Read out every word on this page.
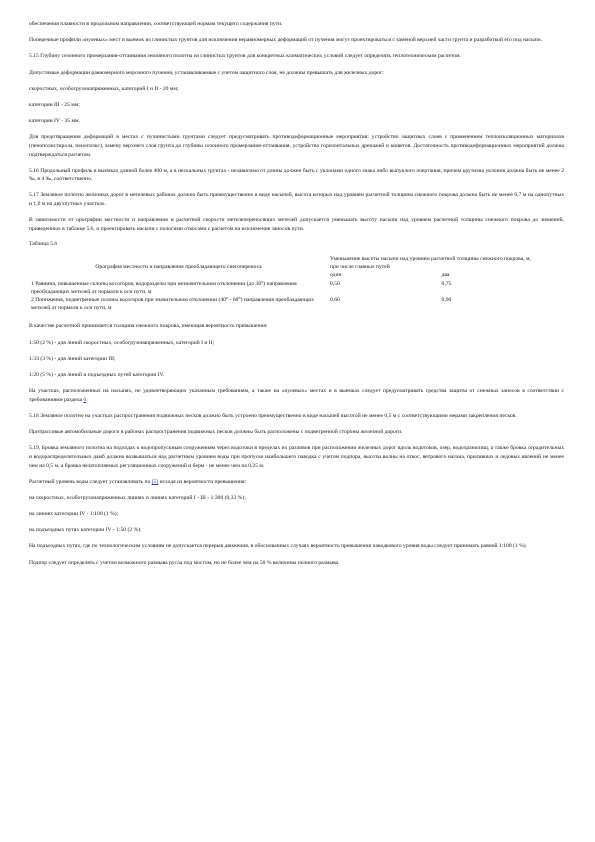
обеспечения плавности в продольном направлении, соответствующей нормам текущего содержания пути.

Поперечные профили «нулевых» мест и выемок из глинистых грунтов для исключения неравномерных деформаций от пучения могут проектироваться с заменой верхней части грунта и разработкой его под насыпи.

5.15 Глубину сезонного промерзания-оттаивания земляного полотна из глинистых грунтов для конкретных климатических условий следует определять теплотехническим расчетом.

Допустимые деформации равномерного морозного пучения, устанавливаемые с учетом защитного слоя, не должны превышать для железных дорог:

скоростных, особогрузонапряженных, категорий I и II - 20 мм;

категории III - 25 мм;

категории IV - 35 мм.

Для предотвращения деформаций в местах с пучинистыми грунтами следует предусматривать противодеформационные мероприятия: устройство защитных слоев с применением теплоизоляционных материалов (пенополистирола, пеноплэкс), замену верхнего слоя грунта до глубины сезонного промерзания-оттаивания, устройство горизонтальных дренажей и кюветов. Достаточность противодеформационных мероприятий должна подтверждаться расчетом.

5.16 Продольный профиль в выемках длиной более 400 м, а в нескальных грунтах - независимо от длины должен быть с уклонами одного знака либо выпуклого очертания, причем крутизна уклонов должна быть не менее 2 ‰, в 4 ‰, соответственно.

5.17 Земляное полотно железных дорог в метелевых районах должно быть преимущественно в виде насыпей, высота которых над уровнем расчетной толщины снежного покрова должна быть не менее 0,7 м на однопутных и 1,0 м на двухпутных участках.

В зависимости от орографии местности и направления и расчетной скорости метелепереносящих метелей допускается уменьшать высоту насыпи над уровнем расчетной толщины снежного покрова до значений, приведенных в таблице 5.6, и проектировать насыпи с пологими откосами с расчетом на исключение заносов пути.

Таблица 5.6

Орография местности и направление преобладающего снегопереноса	Уменьшение высоты насыпи над уровнем расчетной толщины снежного покрова, м, при числе главных путей	
	один	два
1 Равнина, повышенные склоны косогоров, водоразделы при незначительном отклонении (до 30°) направления преобладающих метелей от нормали к оси пути, м	0,50	0,75
2 Понижения, подветренные склоны косогоров при значительном отклонении (40° - 60°) направления преобладающих метелей от нормали к оси пути, м	0,60	0,90

В качестве расчетной принимается толщина снежного покрова, имеющая вероятность превышения:

1:50 (2 %) - для линий скоростных, особогрузонапряженных, категорий I и II;

1:33 (3 %) - для линий категории III;

1:20 (5 %) - для линий и подъездных путей категории IV.

На участках, расположенных на насыпях, не удовлетворяющих указанным требованиям, а также на «нулевых» местах и в выемках следует предусматривать средства защиты от снежных заносов в соответствии с требованиями раздела 6.

5.18 Земляное полотно на участках распространения подвижных песков должно быть устроено преимущественно в виде насыпей высотой не менее 0,5 м с соответствующими мерами закрепления песков.

Притрассовые автомобильные дороги в районах распространения подвижных песков должны быть расположены с подветренной стороны железной дороги.

5.19, Бровка земляного полотна на подходах к водопропускным сооружениям через водотоки в пределах их разливов при расположении железных дорог вдоль водотоков, озер, водохранилищ, а также бровка оградительных и водораспределительных дамб должна возвышаться над расчетным уровнем воды при пропуске наибольшего паводка с учетом подпора, высоты волны на откос, ветрового нагона, приливных и ледовых явлений не менее чем на 0,5 м, а бровка незатопляемых регуляционных сооружений и берм - не менее чем на 0,25 м.

Расчетный уровень воды следует устанавливать по [5] исходя из вероятности превышения:

на скоростных, особогрузонапряженных линиях и линиях категорий I - III - 1:300 (0,33 %);

на линиях категории IV - 1:100 (1 %);

на подъездных путях категории IV - 1:50 (2 %).

На подъездных путях, где по технологическим условиям не допускается перерыв движения, в обоснованных случаях вероятность превышения паводкового уровня воды следует принимать равной 1:100 (1 %).

Подпор следует определять с учетом возможного размыва русла под мостом, но не более чем на 50 % величины полного размыва.
